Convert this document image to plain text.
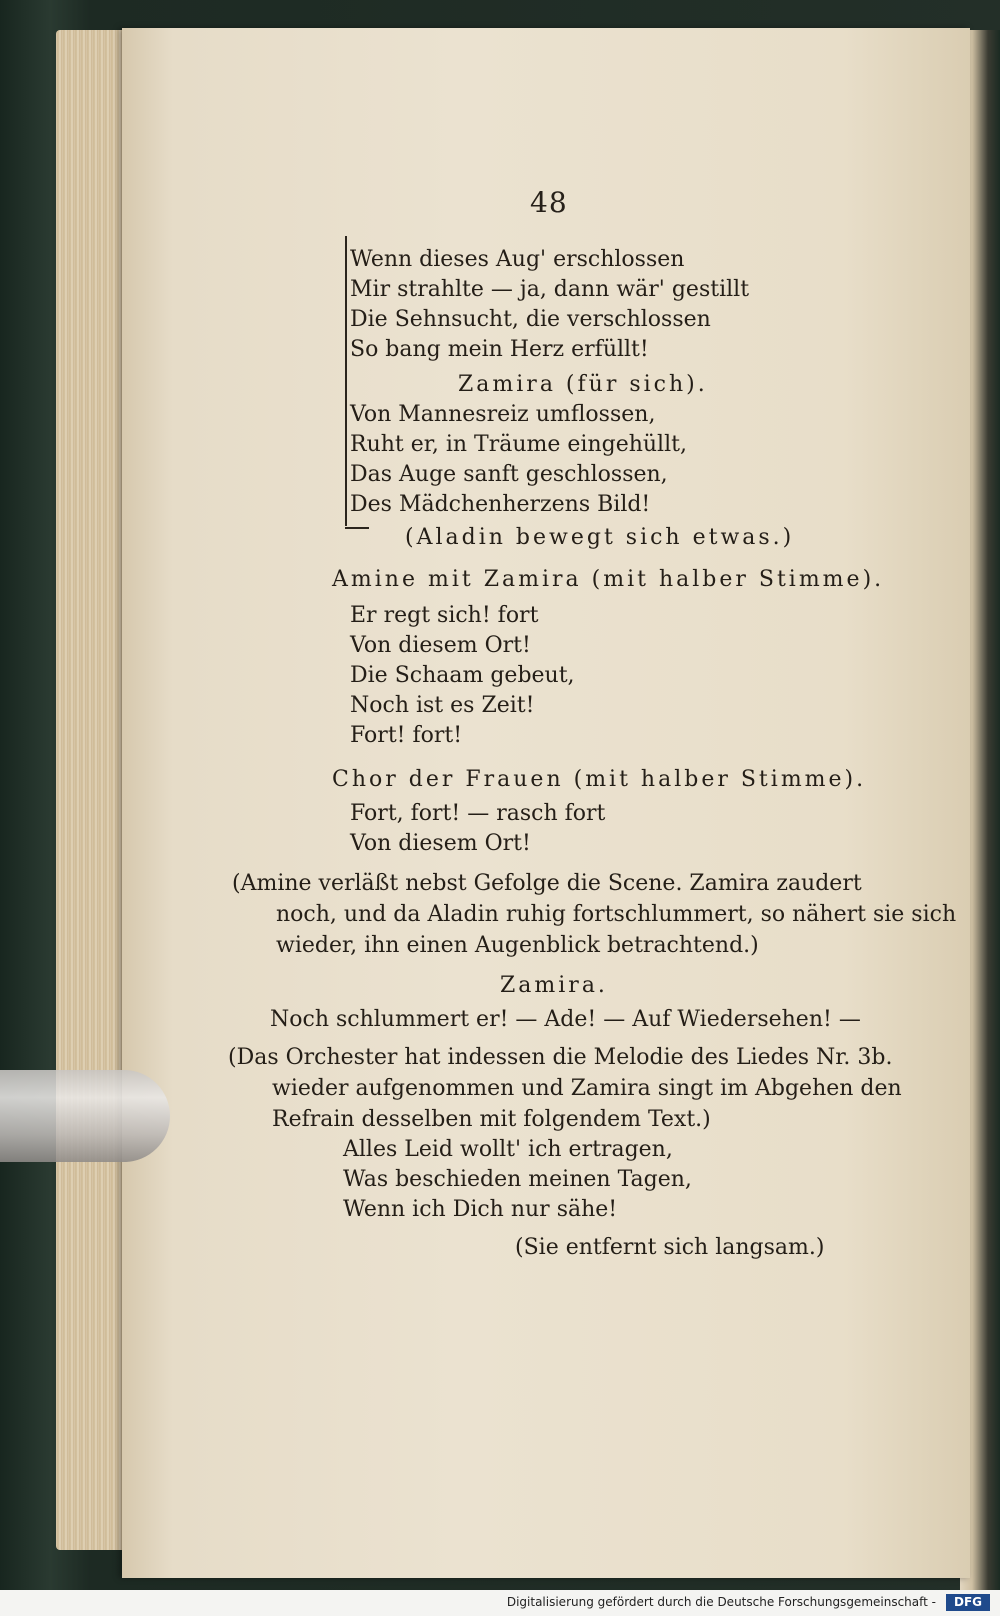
48
Wenn dieses Aug' erschlossen
Mir strahlte — ja, dann wär' gestillt
Die Sehnsucht, die verschlossen
So bang mein Herz erfüllt!
Zamira (für sich).
Von Mannesreiz umflossen,
Ruht er, in Träume eingehüllt,
Das Auge sanft geschlossen,
Des Mädchenherzens Bild!
(Aladin bewegt sich etwas.)
Amine mit Zamira (mit halber Stimme).
Er regt sich! fort
Von diesem Ort!
Die Schaam gebeut,
Noch ist es Zeit!
Fort! fort!
Chor der Frauen (mit halber Stimme).
Fort, fort! — rasch fort
Von diesem Ort!
(Amine verläßt nebst Gefolge die Scene. Zamira zaudert
noch, und da Aladin ruhig fortschlummert, so nähert sie sich
wieder, ihn einen Augenblick betrachtend.)
Zamira.
Noch schlummert er! — Ade! — Auf Wiedersehen! —
(Das Orchester hat indessen die Melodie des Liedes Nr. 3b.
wieder aufgenommen und Zamira singt im Abgehen den
Refrain desselben mit folgendem Text.)
Alles Leid wollt' ich ertragen,
Was beschieden meinen Tagen,
Wenn ich Dich nur sähe!
(Sie entfernt sich langsam.)
Digitalisierung gefördert durch die Deutsche Forschungsgemeinschaft -	DFG
